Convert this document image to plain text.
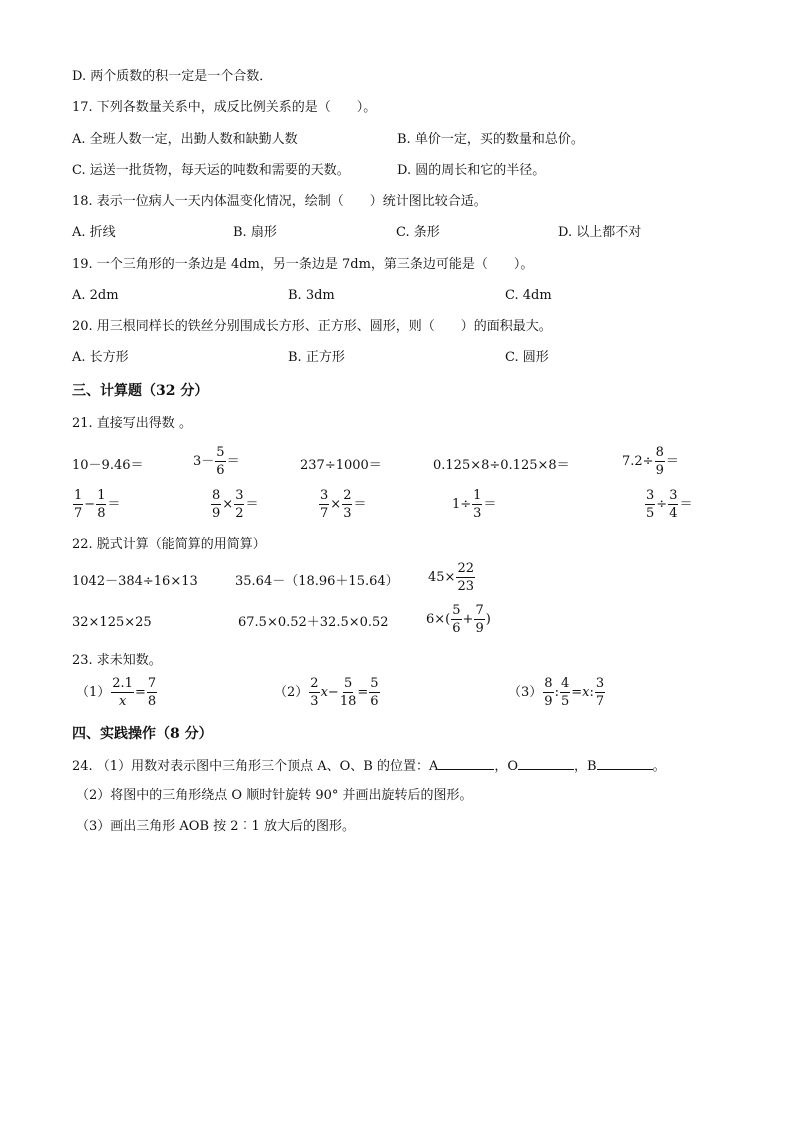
D. 两个质数的积一定是一个合数．
17. 下列各数量关系中，成反比例关系的是（　　）。
A. 全班人数一定，出勤人数和缺勤人数	B. 单价一定，买的数量和总价。
C. 运送一批货物，每天运的吨数和需要的天数。	D. 圆的周长和它的半径。
18. 表示一位病人一天内体温变化情况，绘制（　　）统计图比较合适。
A. 折线	B. 扇形	C. 条形	D. 以上都不对
19. 一个三角形的一条边是 4dm，另一条边是 7dm，第三条边可能是（　　）。
A. 2dm	B. 3dm	C. 4dm
20. 用三根同样长的铁丝分别围成长方形、正方形、圆形，则（　　）的面积最大。
A. 长方形	B. 正方形	C. 圆形
三、计算题（32 分）
21. 直接写出得数 。
10－9.46＝	$3- \frac{5}{6}$ ＝	237÷1000＝	0.125×8÷0.125×8＝	$7.2\div \frac{8}{9}$ ＝
$\frac{1}{7} - \frac{1}{8}$ ＝	$\frac{8}{9} \times \frac{3}{2}$ ＝	$\frac{3}{7} \times \frac{2}{3}$ ＝	$1\div \frac{1}{3}$ ＝	$\frac{3}{5} \div \frac{3}{4}$ ＝
22. 脱式计算（能简算的用简算）
1042－384÷16×13	35.64－（18.96＋15.64） $45\times \frac{22}{23}$
32×125×25	67.5×0.52＋32.5×0.52	$6\times( \frac{5}{6} + \frac{7}{9}$ )
23. 求未知数。
$(1) \frac{2.1}{x} = \frac{7}{8}$	$(2) \frac{2}{3} x- \frac{5}{18} = \frac{5}{6}$	$(3) \frac{8}{9}$ : $\frac{4}{5} =x$: $\frac{3}{7}$
四、实践操作（8 分）
24. （1）用数对表示图中三角形三个顶点 A、O、B 的位置：A	，O	，B	。
（2）将图中的三角形绕点 O 顺时针旋转 90° 并画出旋转后的图形。
（3）画出三角形 AOB 按 2︰1 放大后的图形。
